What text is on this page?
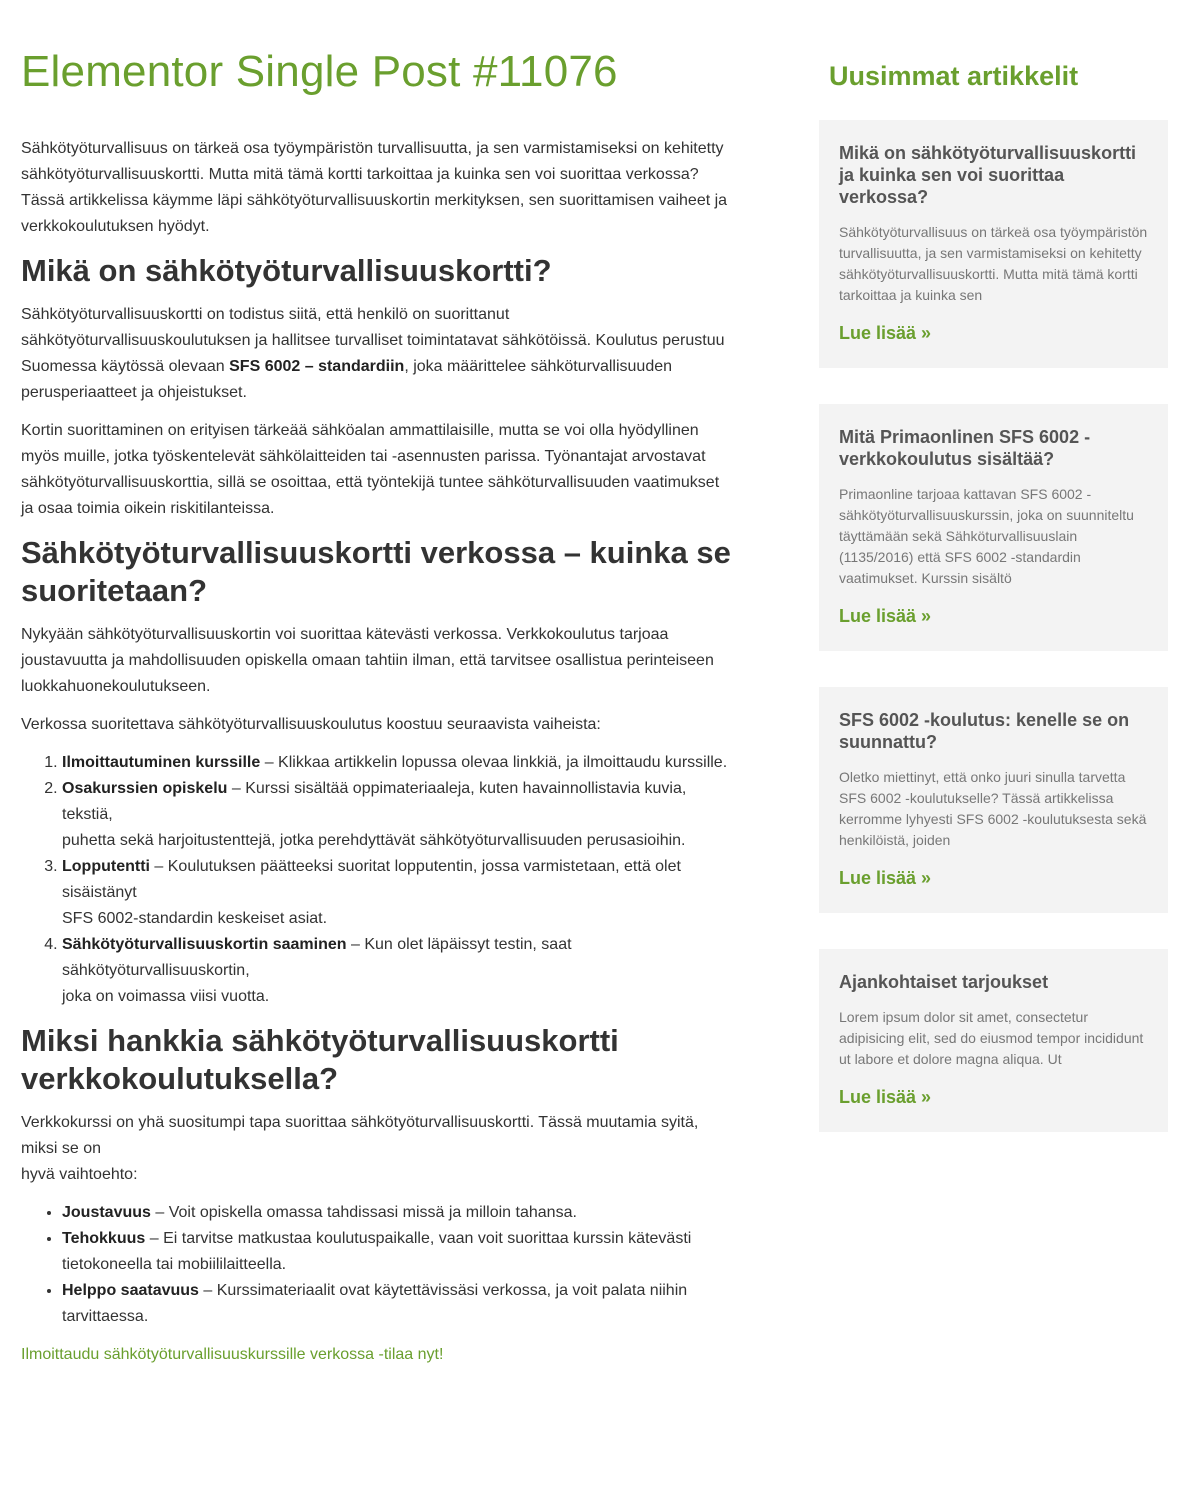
Elementor Single Post #11076

Sähkötyöturvallisuus on tärkeä osa työympäristön turvallisuutta, ja sen varmistamiseksi on kehitetty sähkötyöturvallisuuskortti. Mutta mitä tämä kortti tarkoittaa ja kuinka sen voi suorittaa verkossa? Tässä artikkelissa käymme läpi sähkötyöturvallisuuskortin merkityksen, sen suorittamisen vaiheet ja verkkokoulutuksen hyödyt.

Mikä on sähkötyöturvallisuuskortti?

Sähkötyöturvallisuuskortti on todistus siitä, että henkilö on suorittanut sähkötyöturvallisuuskoulutuksen ja hallitsee turvalliset toimintatavat sähkötöissä. Koulutus perustuu Suomessa käytössä olevaan SFS 6002 – standardiin, joka määrittelee sähköturvallisuuden perusperiaatteet ja ohjeistukset.

Kortin suorittaminen on erityisen tärkeää sähköalan ammattilaisille, mutta se voi olla hyödyllinen myös muille, jotka työskentelevät sähkölaitteiden tai -asennusten parissa. Työnantajat arvostavat sähkötyöturvallisuuskorttia, sillä se osoittaa, että työntekijä tuntee sähköturvallisuuden vaatimukset ja osaa toimia oikein riskitilanteissa.

Sähkötyöturvallisuuskortti verkossa – kuinka se suoritetaan?

Nykyään sähkötyöturvallisuuskortin voi suorittaa kätevästi verkossa. Verkkokoulutus tarjoaa joustavuutta ja mahdollisuuden opiskella omaan tahtiin ilman, että tarvitsee osallistua perinteiseen luokkahuonekoulutukseen.

Verkossa suoritettava sähkötyöturvallisuuskoulutus koostuu seuraavista vaiheista:

1. Ilmoittautuminen kurssille – Klikkaa artikkelin lopussa olevaa linkkiä, ja ilmoittaudu kurssille.
2. Osakurssien opiskelu – Kurssi sisältää oppimateriaaleja, kuten havainnollistavia kuvia, tekstiä,
puhetta sekä harjoitustenttejä, jotka perehdyttävät sähkötyöturvallisuuden perusasioihin.
3. Lopputentti – Koulutuksen päätteeksi suoritat lopputentin, jossa varmistetaan, että olet sisäistänyt
SFS 6002-standardin keskeiset asiat.
4. Sähkötyöturvallisuuskortin saaminen – Kun olet läpäissyt testin, saat sähkötyöturvallisuuskortin,
joka on voimassa viisi vuotta.
Miksi hankkia sähkötyöturvallisuuskortti verkkokoulutuksella?

Verkkokurssi on yhä suositumpi tapa suorittaa sähkötyöturvallisuuskortti. Tässä muutamia syitä, miksi se on
hyvä vaihtoehto:

• Joustavuus – Voit opiskella omassa tahdissasi missä ja milloin tahansa.
• Tehokkuus – Ei tarvitse matkustaa koulutuspaikalle, vaan voit suorittaa kurssin kätevästi tietokoneella tai mobiililaitteella.
• Helppo saatavuus – Kurssimateriaalit ovat käytettävissäsi verkossa, ja voit palata niihin tarvittaessa.

Ilmoittaudu sähkötyöturvallisuuskurssille verkossa -tilaa nyt!

Uusimmat artikkelit
Mikä on sähkötyöturvallisuuskortti ja kuinka sen voi suorittaa verkossa?
Sähkötyöturvallisuus on tärkeä osa työympäristön turvallisuutta, ja sen varmistamiseksi on kehitetty sähkötyöturvallisuuskortti. Mutta mitä tämä kortti tarkoittaa ja kuinka sen
Lue lisää »
Mitä Primaonlinen SFS 6002 -verkkokoulutus sisältää?
Primaonline tarjoaa kattavan SFS 6002 -sähkötyöturvallisuuskurssin, joka on suunniteltu täyttämään sekä Sähköturvallisuuslain (1135/2016) että SFS 6002 -standardin vaatimukset. Kurssin sisältö
Lue lisää »
SFS 6002 -koulutus: kenelle se on suunnattu?
Oletko miettinyt, että onko juuri sinulla tarvetta SFS 6002 -koulutukselle? Tässä artikkelissa kerromme lyhyesti SFS 6002 -koulutuksesta sekä henkilöistä, joiden
Lue lisää »
Ajankohtaiset tarjoukset
Lorem ipsum dolor sit amet, consectetur adipisicing elit, sed do eiusmod tempor incididunt ut labore et dolore magna aliqua. Ut
Lue lisää »
